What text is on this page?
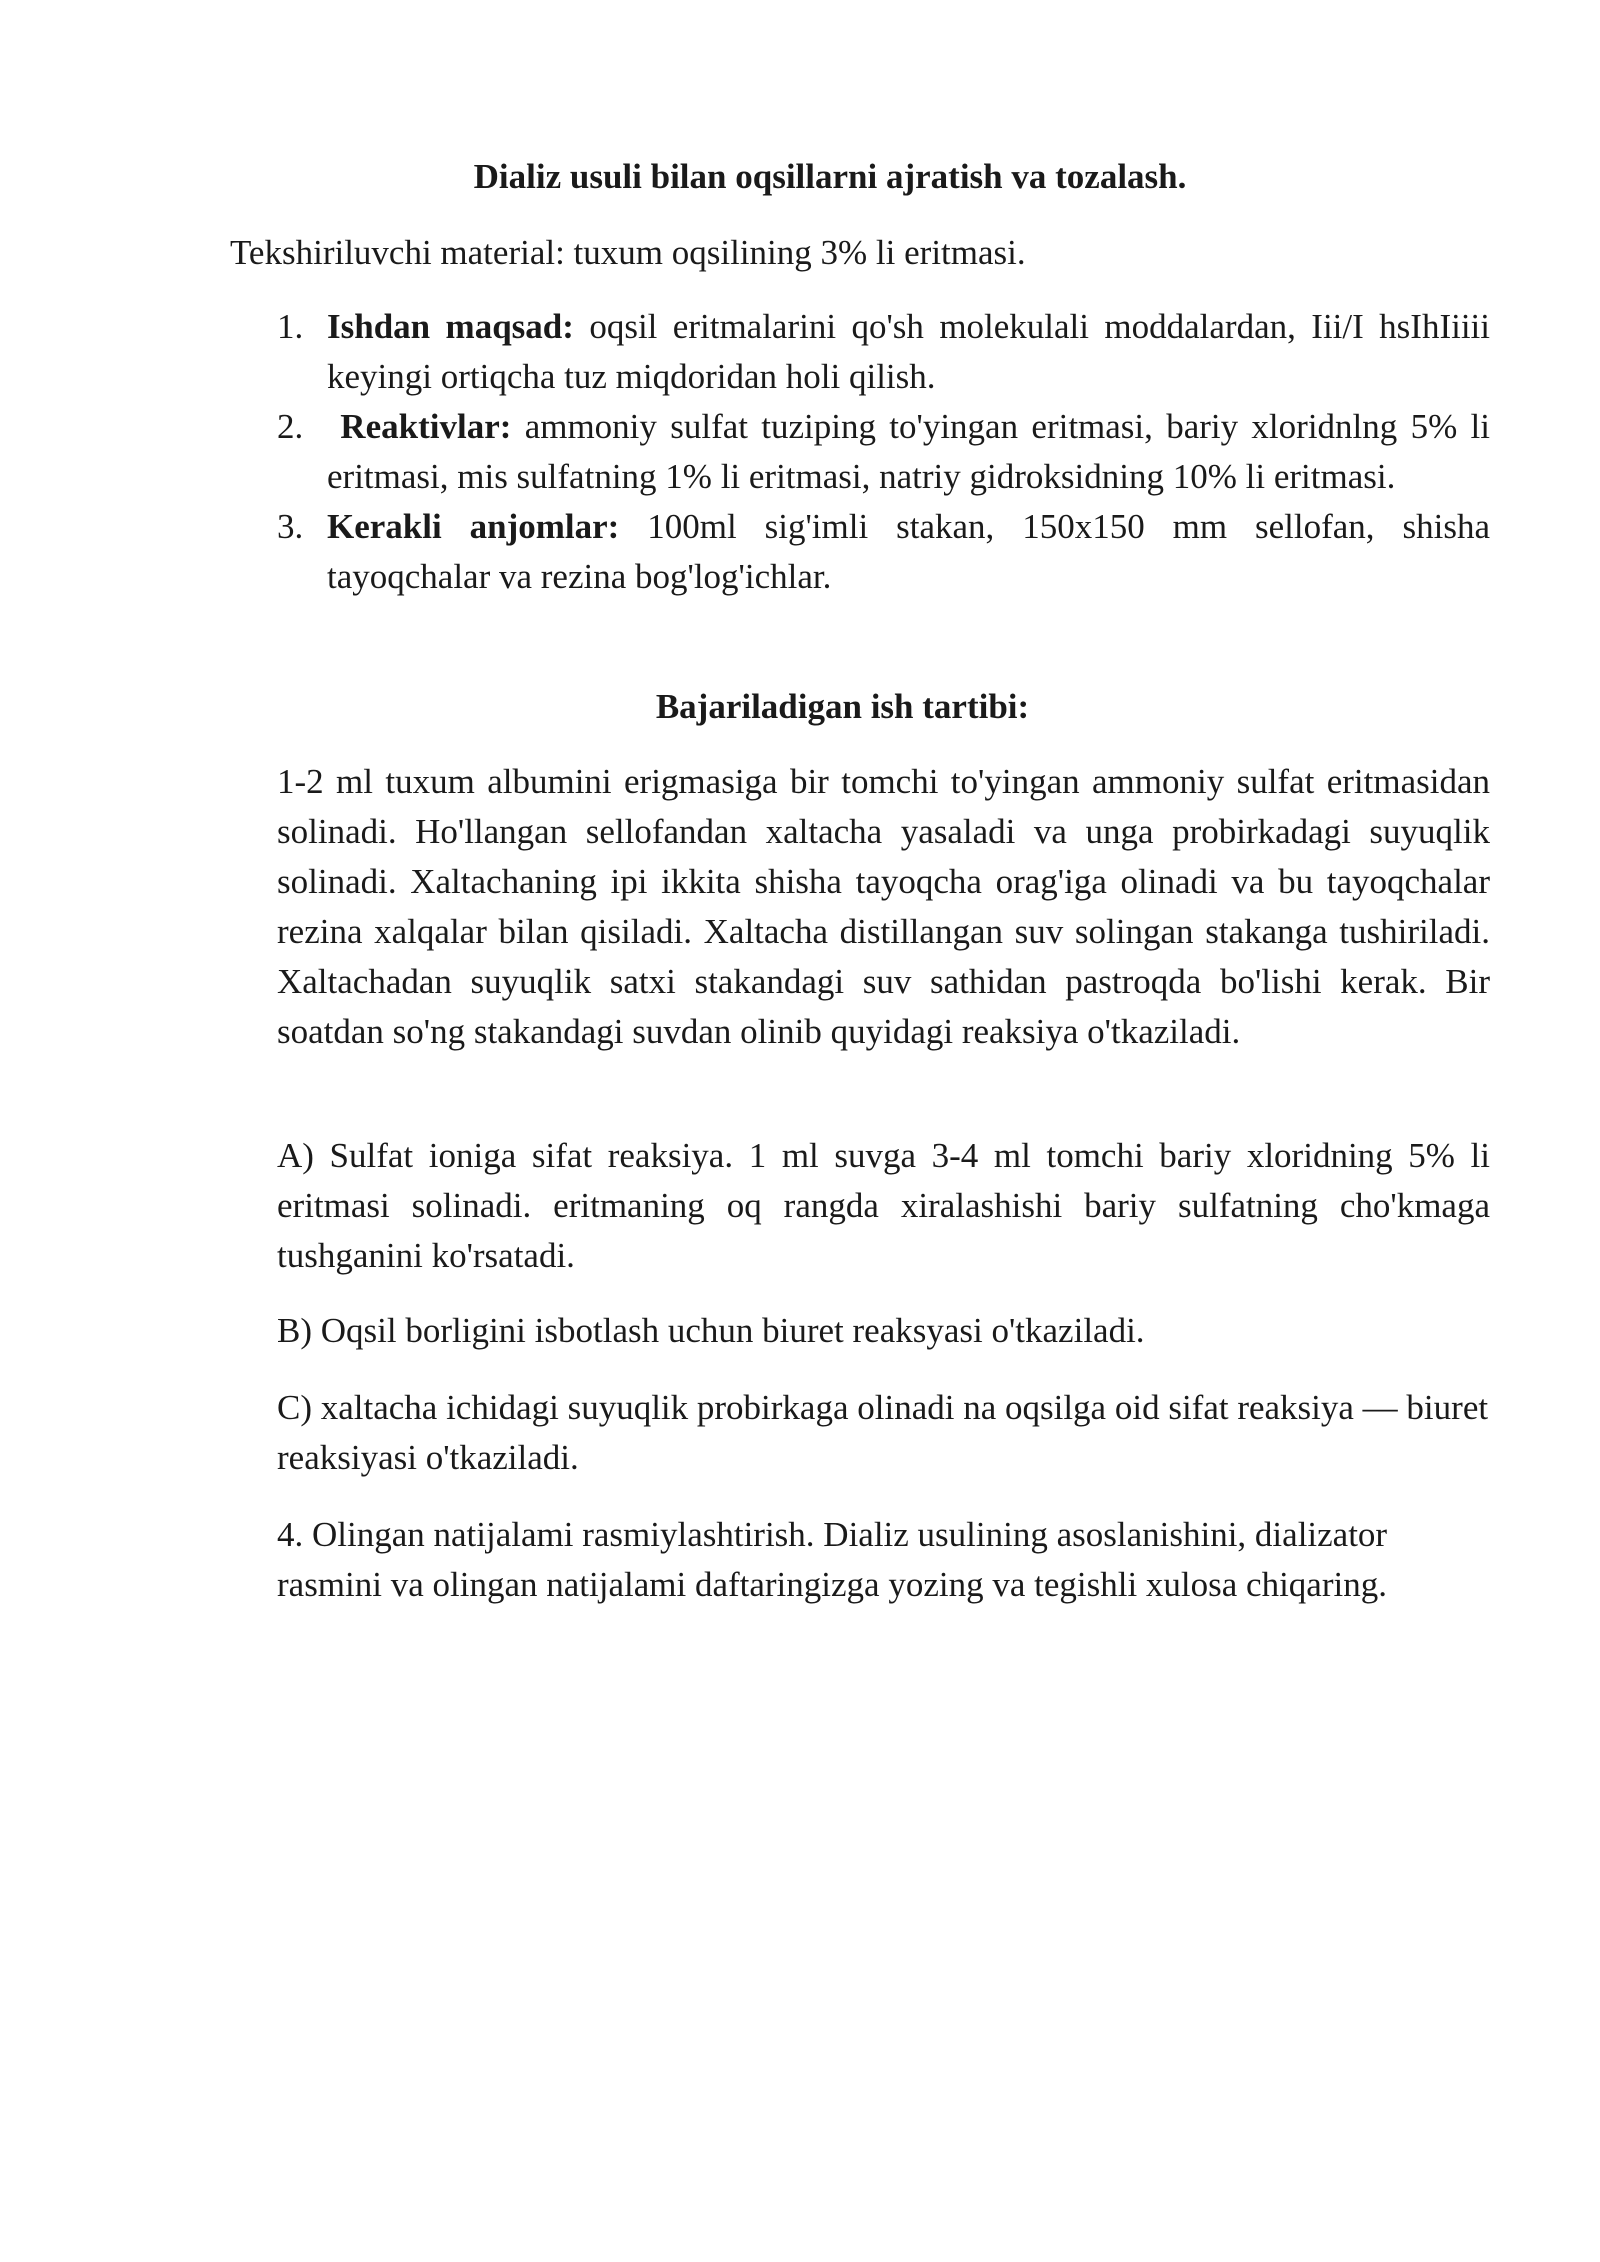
Dializ usuli bilan oqsillarni ajratish va tozalash.

Tekshiriluvchi material: tuxum oqsilining 3% li eritmasi.

1. Ishdan maqsad: oqsil eritmalarini qo'sh molekulali moddalardan, Iii/I hsIhIiiii keyingi ortiqcha tuz miqdoridan holi qilish.
2. Reaktivlar: ammoniy sulfat tuziping to'yingan eritmasi, bariy xloridnlng 5% li eritmasi, mis sulfatning 1% li eritmasi, natriy gidroksidning 10% li eritmasi.
3. Kerakli anjomlar: 100ml sig'imli stakan, 150x150 mm sellofan, shisha tayoqchalar va rezina bog'log'ichlar.
Bajariladigan ish tartibi:

1-2 ml tuxum albumini erigmasiga bir tomchi to'yingan ammoniy sulfat eritmasidan solinadi. Ho'llangan sellofandan xaltacha yasaladi va unga probirkadagi suyuqlik solinadi. Xaltachaning ipi ikkita shisha tayoqcha orag'iga olinadi va bu tayoqchalar rezina xalqalar bilan qisiladi. Xaltacha distillangan suv solingan stakanga tushiriladi. Xaltachadan suyuqlik satxi stakandagi suv sathidan pastroqda bo'lishi kerak. Bir soatdan so'ng stakandagi suvdan olinib quyidagi reaksiya o'tkaziladi.

A) Sulfat ioniga sifat reaksiya. 1 ml suvga 3-4 ml tomchi bariy xloridning 5% li eritmasi solinadi. eritmaning oq rangda xiralashishi bariy sulfatning cho'kmaga tushganini ko'rsatadi.

B) Oqsil borligini isbotlash uchun biuret reaksyasi o'tkaziladi.

C) xaltacha ichidagi suyuqlik probirkaga olinadi na oqsilga oid sifat reaksiya — biuret reaksiyasi o'tkaziladi.

4. Olingan natijalami rasmiylashtirish. Dializ usulining asoslanishini, dializator rasmini va olingan natijalami daftaringizga yozing va tegishli xulosa chiqaring.
